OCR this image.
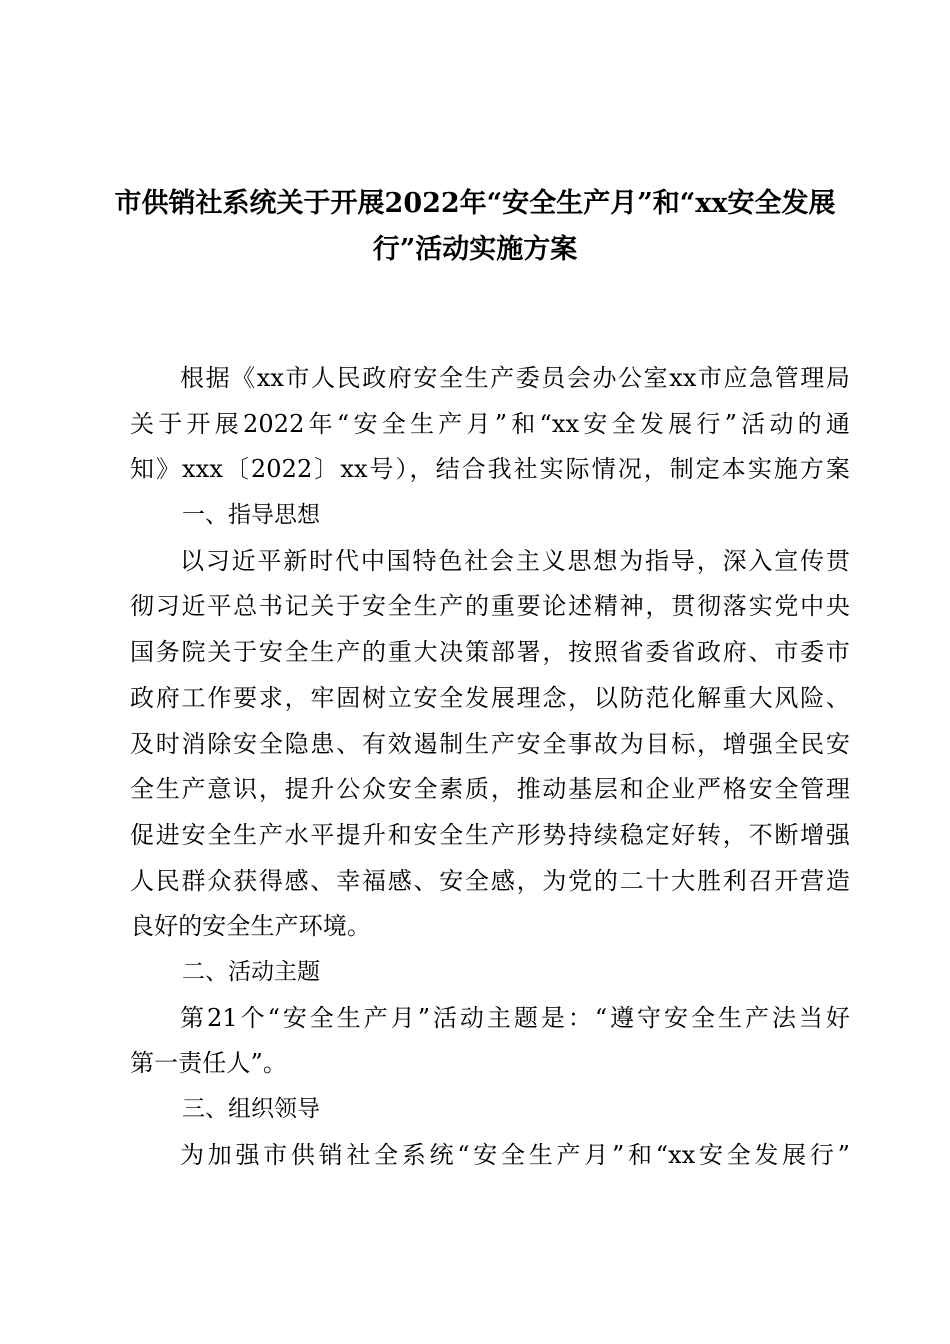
市供销社系统关于开展2022年“安全生产月”和“xx安全发展
行”活动实施方案
根据《xx市人民政府安全生产委员会办公室xx市应急管理局
关于开展2022年“安全生产月”和“xx安全发展行”活动的通
知》xxx〔2022〕xx号），结合我社实际情况，制定本实施方案
一、指导思想
以习近平新时代中国特色社会主义思想为指导，深入宣传贯
彻习近平总书记关于安全生产的重要论述精神，贯彻落实党中央
国务院关于安全生产的重大决策部署，按照省委省政府、市委市
政府工作要求，牢固树立安全发展理念，以防范化解重大风险、
及时消除安全隐患、有效遏制生产安全事故为目标，增强全民安
全生产意识，提升公众安全素质，推动基层和企业严格安全管理
促进安全生产水平提升和安全生产形势持续稳定好转，不断增强
人民群众获得感、幸福感、安全感，为党的二十大胜利召开营造
良好的安全生产环境。
二、活动主题
第21个“安全生产月”活动主题是：“遵守安全生产法当好
第一责任人”。
三、组织领导
为加强市供销社全系统“安全生产月”和“xx安全发展行”
